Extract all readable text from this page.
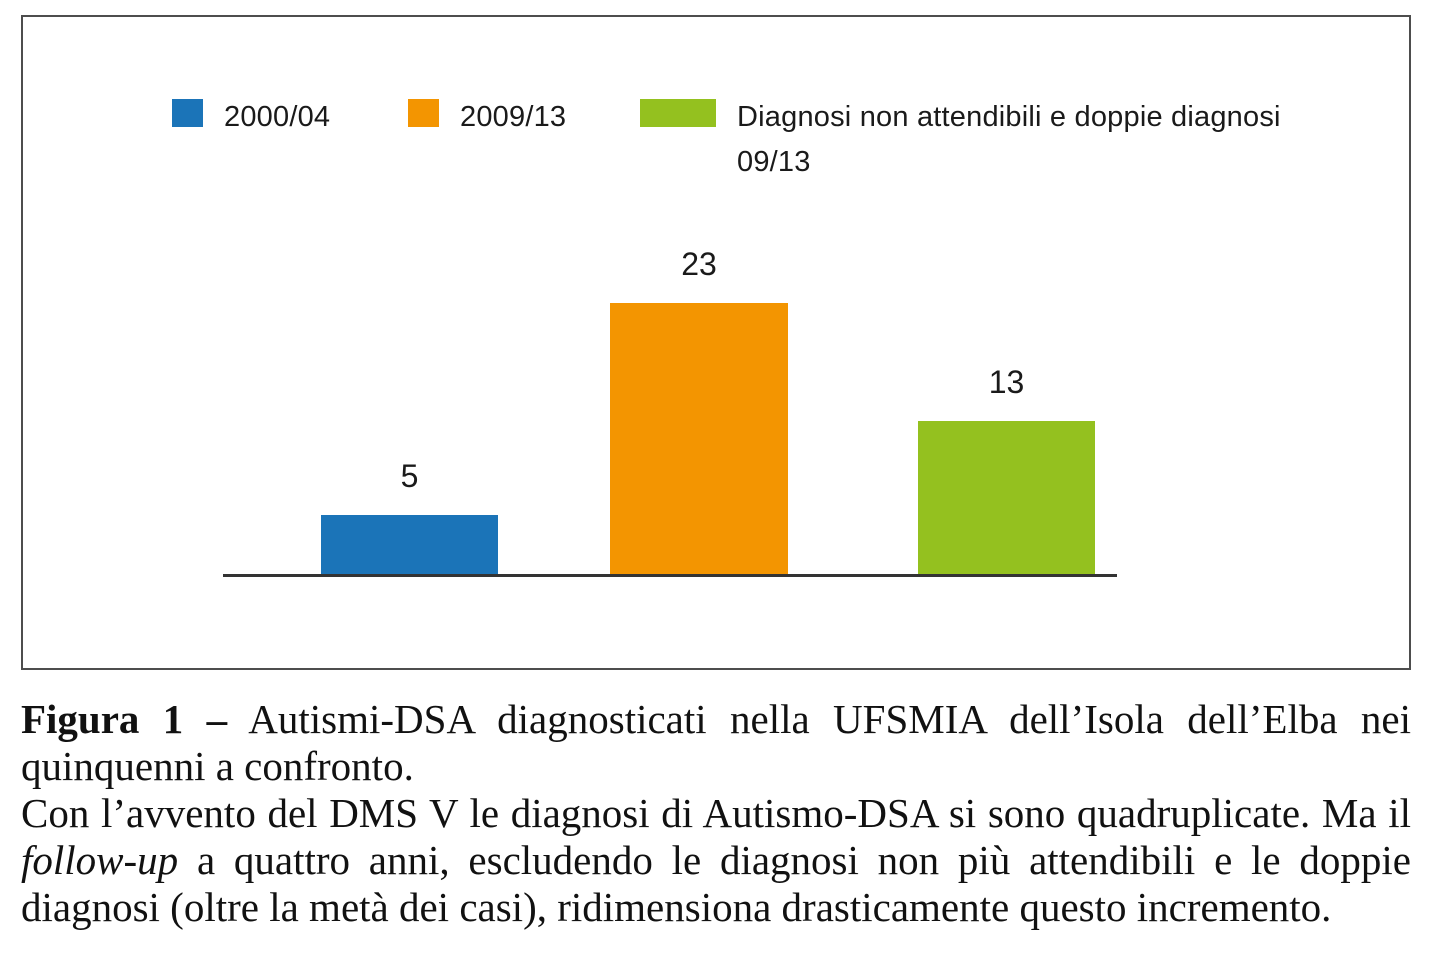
2000/04	2009/13	Diagnosi non attendibili e doppie diagnosi
09/13
5
23
13

Figura 1 – Autismi-DSA diagnosticati nella UFSMIA dell’Isola dell’Elba nei quinquenni a confronto.

Con l’avvento del DMS V le diagnosi di Autismo-DSA si sono quadruplicate. Ma il follow-up a quattro anni, escludendo le diagnosi non più attendibili e le doppie diagnosi (oltre la metà dei casi), ridimensiona drasticamente questo incremento.
